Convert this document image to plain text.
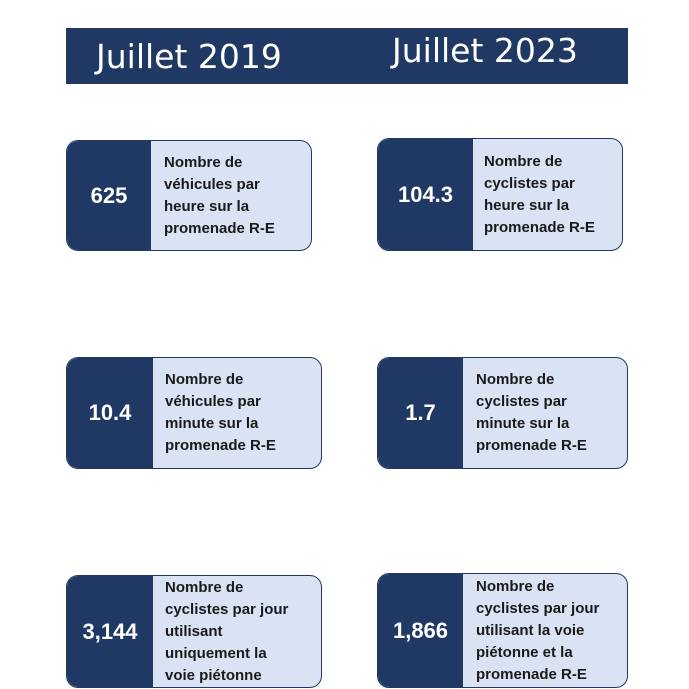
Juillet 2019	Juillet 2023
625
Nombre de
véhicules par
heure sur la
promenade R-E
104.3
Nombre de
cyclistes par
heure sur la
promenade R-E
10.4
Nombre de
véhicules par
minute sur la
promenade R-E
1.7
Nombre de
cyclistes par
minute sur la
promenade R-E
3,144
Nombre de
cyclistes par jour
utilisant
uniquement la
voie piétonne
1,866
Nombre de
cyclistes par jour
utilisant la voie
piétonne et la
promenade R-E
